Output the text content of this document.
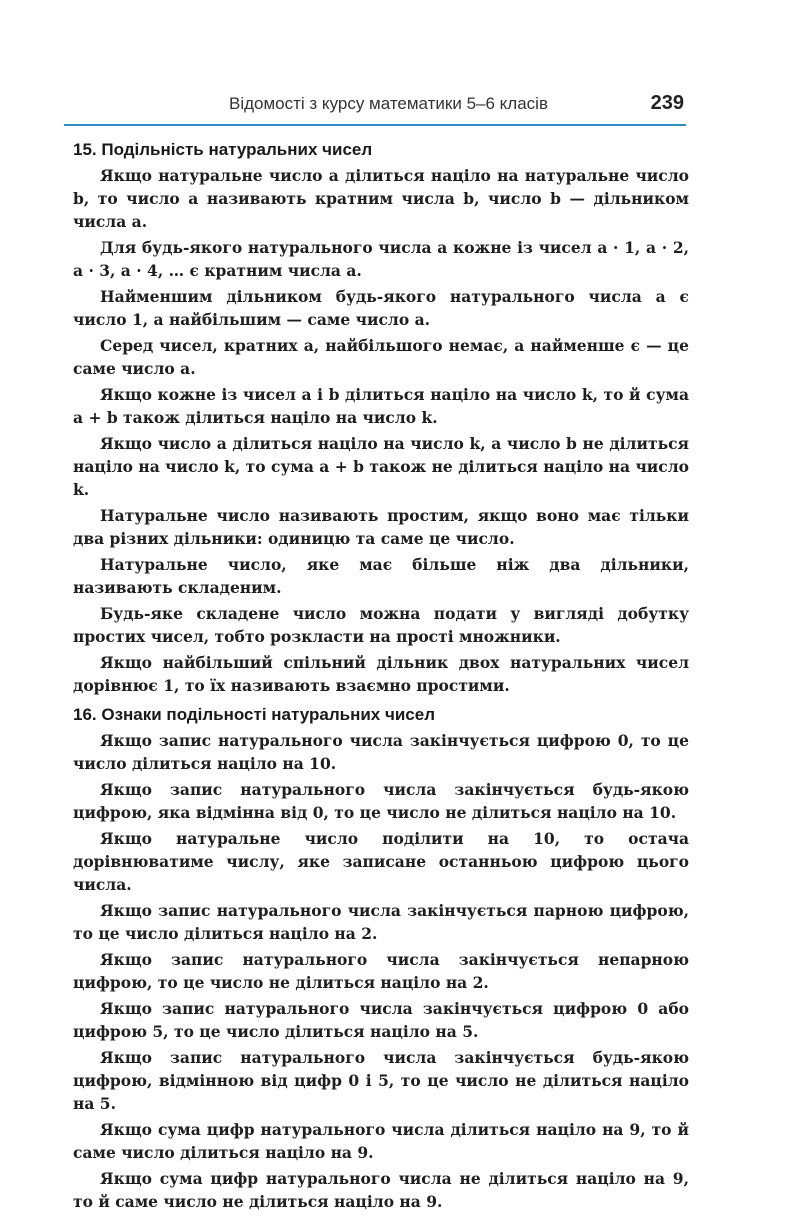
Відомості з курсу математики 5–6 класів	239
15. Подільність натуральних чисел

Якщо натуральне число a ділиться націло на натуральне число b, то число a називають кратним числа b, число b — дільником числа a.

Для будь-якого натурального числа a кожне із чисел a · 1, a · 2, a · 3, a · 4, … є кратним числа a.

Найменшим дільником будь-якого натурального числа a є число 1, а найбільшим — саме число a.

Серед чисел, кратних a, найбільшого немає, а найменше є — це саме число a.

Якщо кожне із чисел a і b ділиться націло на число k, то й сума a + b також ділиться націло на число k.

Якщо число a ділиться націло на число k, а число b не ділиться націло на число k, то сума a + b також не ділиться націло на число k.

Натуральне число називають простим, якщо воно має тільки два різних дільники: одиницю та саме це число.

Натуральне число, яке має більше ніж два дільники, називають складеним.

Будь-яке складене число можна подати у вигляді добутку простих чисел, тобто розкласти на прості множники.

Якщо найбільший спільний дільник двох натуральних чисел дорівнює 1, то їх називають взаємно простими.

16. Ознаки подільності натуральних чисел

Якщо запис натурального числа закінчується цифрою 0, то це число ділиться націло на 10.

Якщо запис натурального числа закінчується будь-якою цифрою, яка відмінна від 0, то це число не ділиться націло на 10.

Якщо натуральне число поділити на 10, то остача дорівнюватиме числу, яке записане останньою цифрою цього числа.

Якщо запис натурального числа закінчується парною цифрою, то це число ділиться націло на 2.

Якщо запис натурального числа закінчується непарною цифрою, то це число не ділиться націло на 2.

Якщо запис натурального числа закінчується цифрою 0 або цифрою 5, то це число ділиться націло на 5.

Якщо запис натурального числа закінчується будь-якою цифрою, відмінною від цифр 0 і 5, то це число не ділиться націло на 5.

Якщо сума цифр натурального числа ділиться націло на 9, то й саме число ділиться націло на 9.

Якщо сума цифр натурального числа не ділиться націло на 9, то й саме число не ділиться націло на 9.
